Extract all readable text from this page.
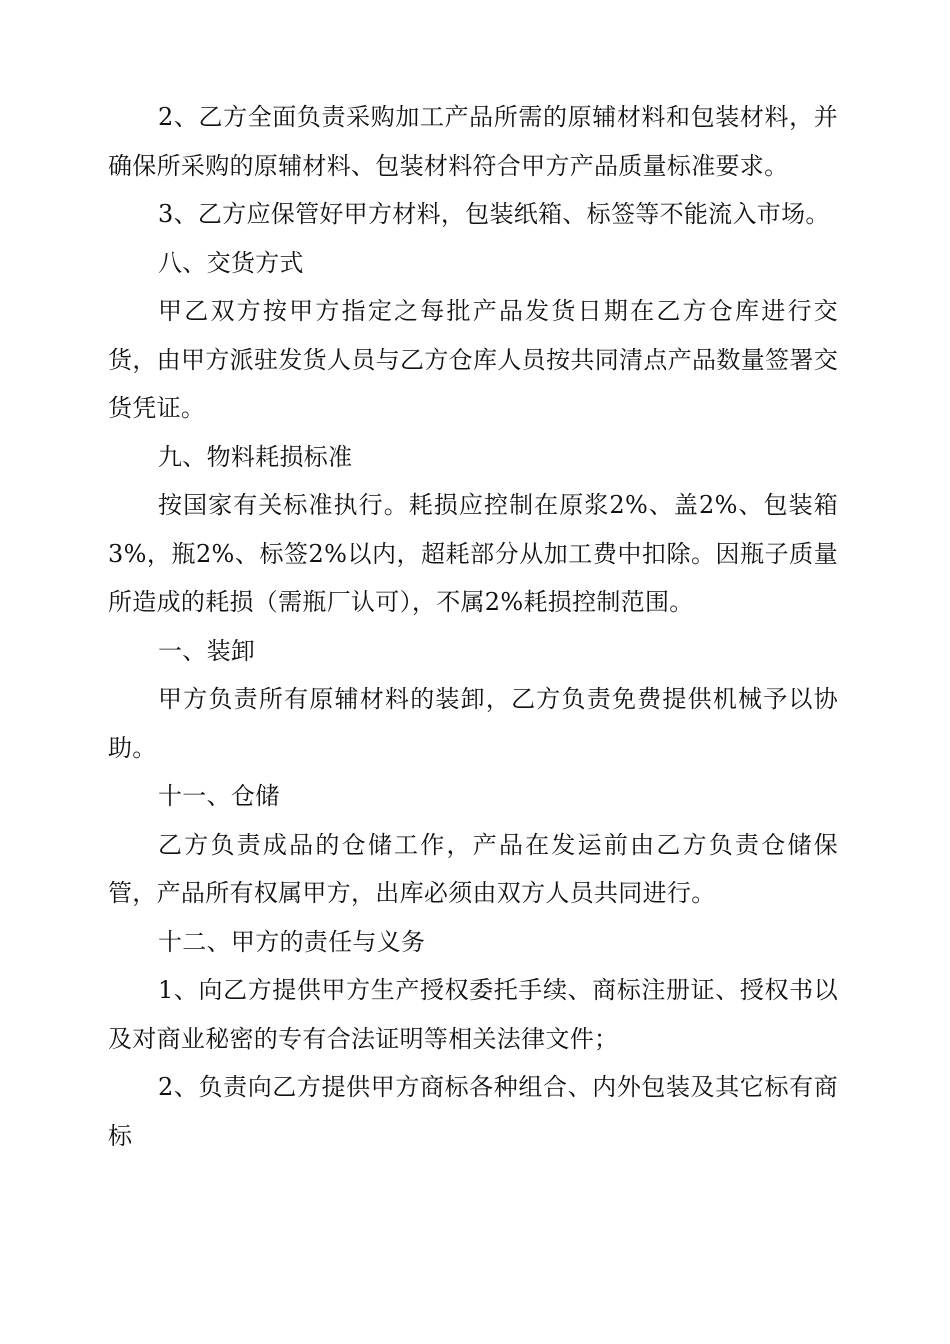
2、乙方全面负责采购加工产品所需的原辅材料和包装材料，并确保所采购的原辅材料、包装材料符合甲方产品质量标准要求。

3、乙方应保管好甲方材料，包装纸箱、标签等不能流入市场。

八、交货方式

甲乙双方按甲方指定之每批产品发货日期在乙方仓库进行交货，由甲方派驻发货人员与乙方仓库人员按共同清点产品数量签署交货凭证。

九、物料耗损标准

按国家有关标准执行。耗损应控制在原浆2%、盖2%、包装箱3%，瓶2%、标签2%以内，超耗部分从加工费中扣除。因瓶子质量所造成的耗损（需瓶厂认可），不属2%耗损控制范围。

一、装卸

甲方负责所有原辅材料的装卸，乙方负责免费提供机械予以协助。

十一、仓储

乙方负责成品的仓储工作，产品在发运前由乙方负责仓储保管，产品所有权属甲方，出库必须由双方人员共同进行。

十二、甲方的责任与义务

1、向乙方提供甲方生产授权委托手续、商标注册证、授权书以及对商业秘密的专有合法证明等相关法律文件；

2、负责向乙方提供甲方商标各种组合、内外包装及其它标有商标
